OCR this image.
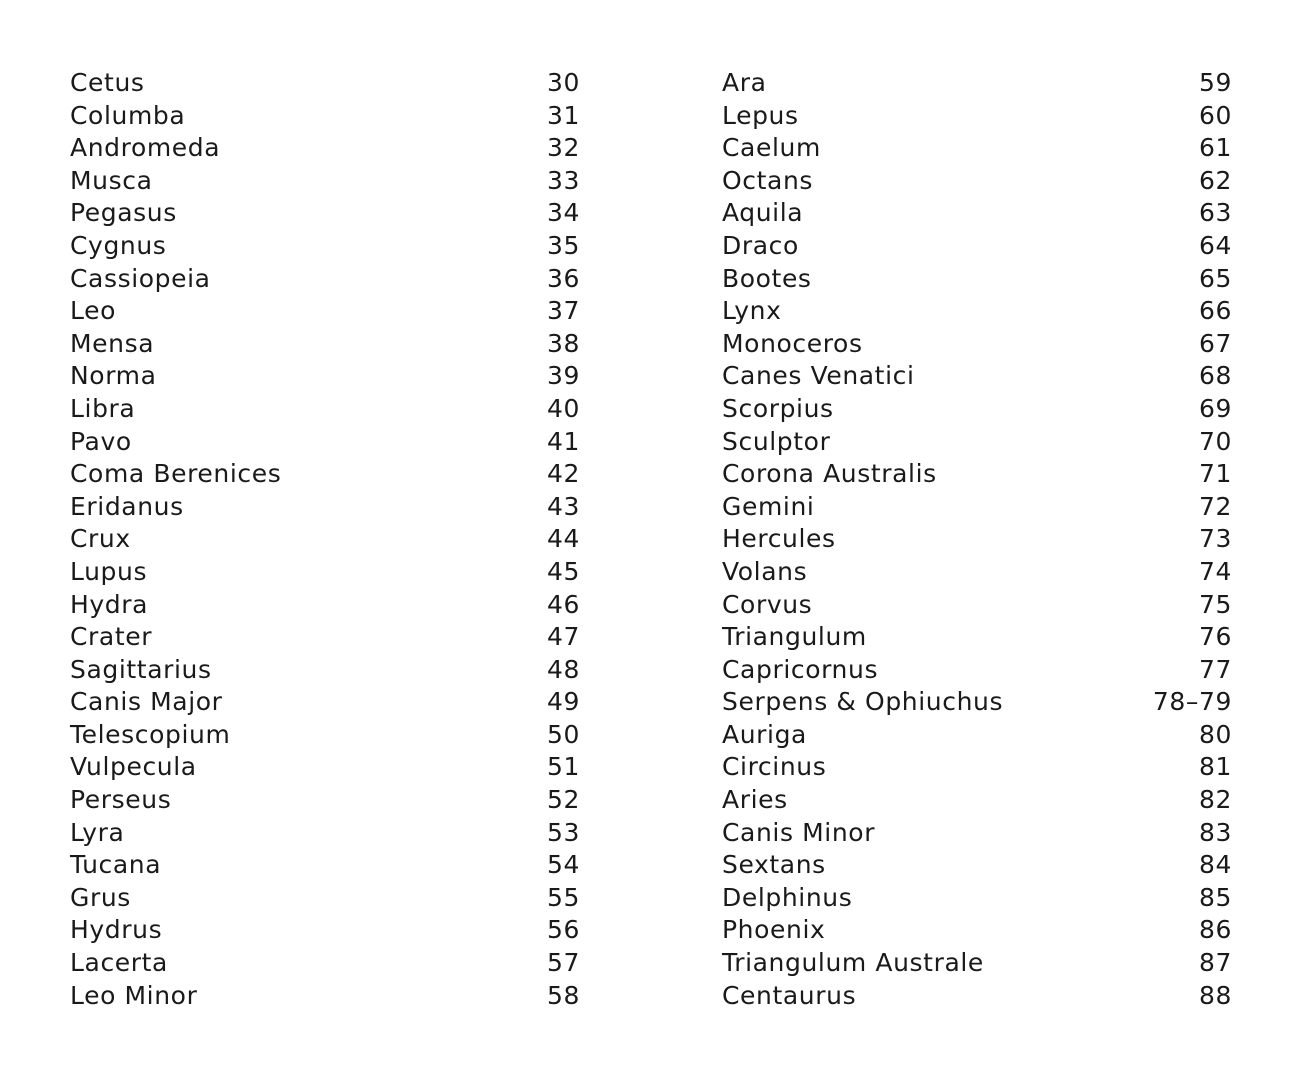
Cetus	30
Columba	31
Andromeda	32
Musca	33
Pegasus	34
Cygnus	35
Cassiopeia	36
Leo	37
Mensa	38
Norma	39
Libra	40
Pavo	41
Coma Berenices	42
Eridanus	43
Crux	44
Lupus	45
Hydra	46
Crater	47
Sagittarius	48
Canis Major	49
Telescopium	50
Vulpecula	51
Perseus	52
Lyra	53
Tucana	54
Grus	55
Hydrus	56
Lacerta	57
Leo Minor	58
Ara	59
Lepus	60
Caelum	61
Octans	62
Aquila	63
Draco	64
Bootes	65
Lynx	66
Monoceros	67
Canes Venatici	68
Scorpius	69
Sculptor	70
Corona Australis	71
Gemini	72
Hercules	73
Volans	74
Corvus	75
Triangulum	76
Capricornus	77
Serpens & Ophiuchus	78–79
Auriga	80
Circinus	81
Aries	82
Canis Minor	83
Sextans	84
Delphinus	85
Phoenix	86
Triangulum Australe	87
Centaurus	88
